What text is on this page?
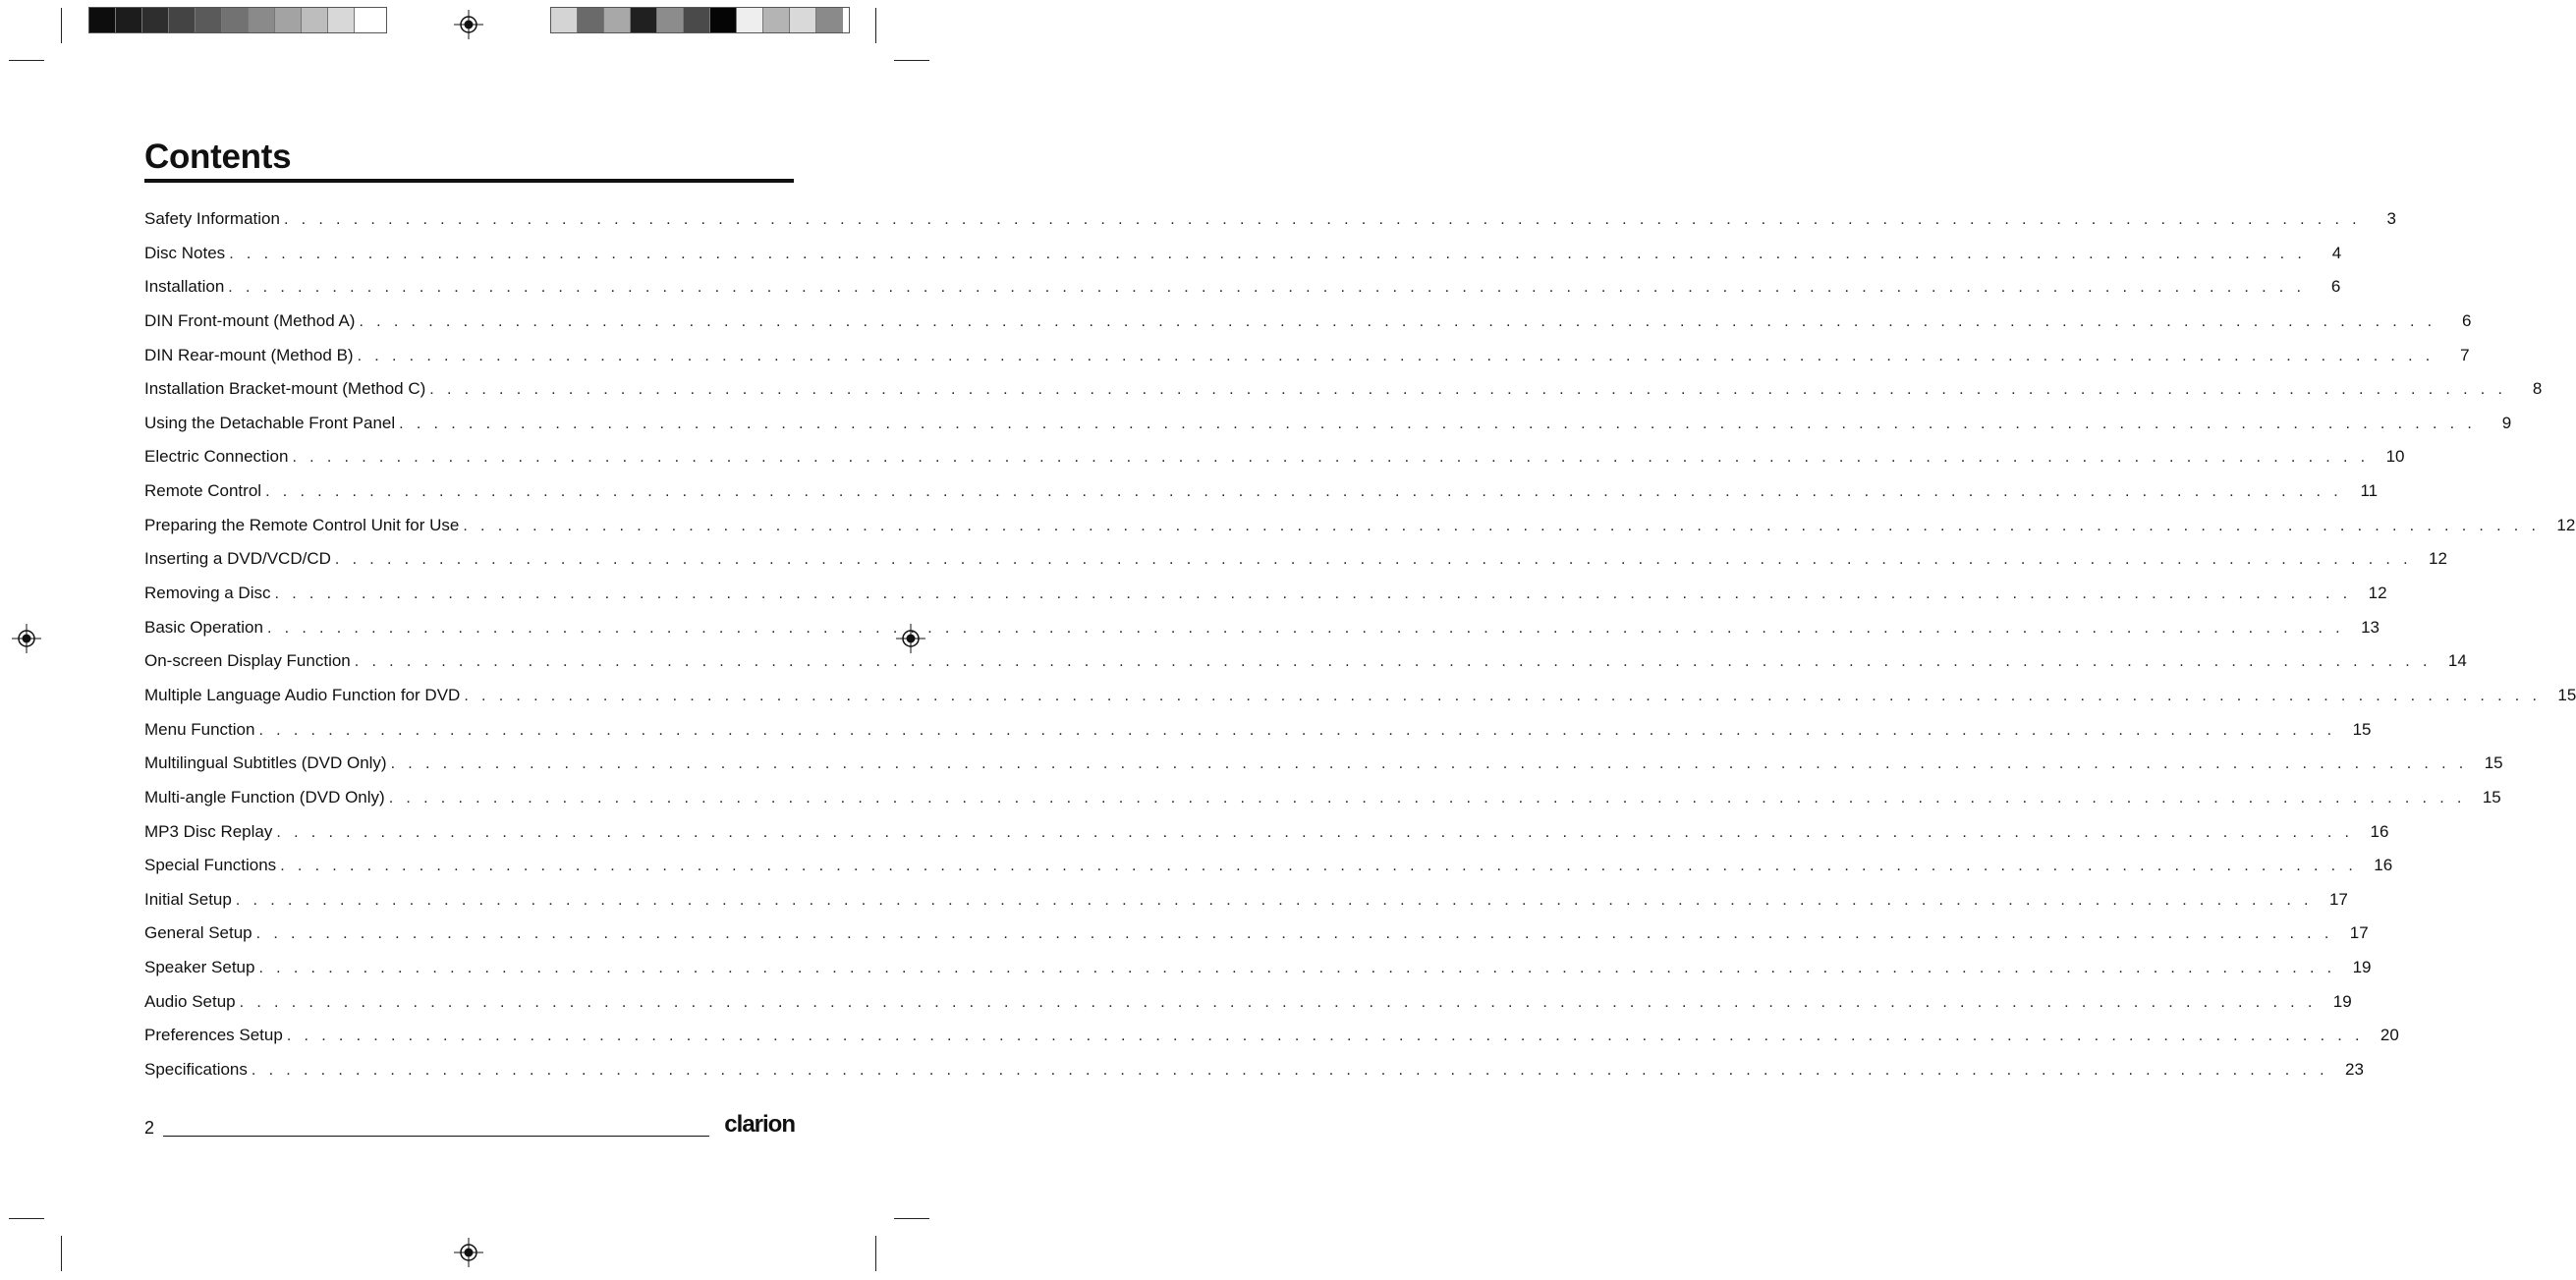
Contents
Safety Information . . . . . . . . . . . . . . . . . . . . . . . . . . . . . . . . . . . . . . . . . . . . . . . . . . . . . . . . . . . . . . . . . . . . . . . . . . . . . . . . . . . . . . . . . . . . . . . . . . . . . . . . . . . . . . . . . . . . . . . .	3
Disc Notes . . . . . . . . . . . . . . . . . . . . . . . . . . . . . . . . . . . . . . . . . . . . . . . . . . . . . . . . . . . . . . . . . . . . . . . . . . . . . . . . . . . . . . . . . . . . . . . . . . . . . . . . . . . . . . . . . . . . . . . .	4
Installation . . . . . . . . . . . . . . . . . . . . . . . . . . . . . . . . . . . . . . . . . . . . . . . . . . . . . . . . . . . . . . . . . . . . . . . . . . . . . . . . . . . . . . . . . . . . . . . . . . . . . . . . . . . . . . . . . . . . . . . .	6
DIN Front-mount (Method A) . . . . . . . . . . . . . . . . . . . . . . . . . . . . . . . . . . . . . . . . . . . . . . . . . . . . . . . . . . . . . . . . . . . . . . . . . . . . . . . . . . . . . . . . . . . . . . . . . . . . . . . . . . . . . . . . . . . . . . . .	6
DIN Rear-mount (Method B) . . . . . . . . . . . . . . . . . . . . . . . . . . . . . . . . . . . . . . . . . . . . . . . . . . . . . . . . . . . . . . . . . . . . . . . . . . . . . . . . . . . . . . . . . . . . . . . . . . . . . . . . . . . . . . . . . . . . . . . .	7
Installation Bracket-mount (Method C) . . . . . . . . . . . . . . . . . . . . . . . . . . . . . . . . . . . . . . . . . . . . . . . . . . . . . . . . . . . . . . . . . . . . . . . . . . . . . . . . . . . . . . . . . . . . . . . . . . . . . . . . . . . . . . . . . . . . . . . .	8
Using the Detachable Front Panel . . . . . . . . . . . . . . . . . . . . . . . . . . . . . . . . . . . . . . . . . . . . . . . . . . . . . . . . . . . . . . . . . . . . . . . . . . . . . . . . . . . . . . . . . . . . . . . . . . . . . . . . . . . . . . . . . . . . . . . .	9
Electric Connection . . . . . . . . . . . . . . . . . . . . . . . . . . . . . . . . . . . . . . . . . . . . . . . . . . . . . . . . . . . . . . . . . . . . . . . . . . . . . . . . . . . . . . . . . . . . . . . . . . . . . . . . . . . . . . . . . . . . . . . .	10
Remote Control . . . . . . . . . . . . . . . . . . . . . . . . . . . . . . . . . . . . . . . . . . . . . . . . . . . . . . . . . . . . . . . . . . . . . . . . . . . . . . . . . . . . . . . . . . . . . . . . . . . . . . . . . . . . . . . . . . . . . . . .	11
Preparing the Remote Control Unit for Use . . . . . . . . . . . . . . . . . . . . . . . . . . . . . . . . . . . . . . . . . . . . . . . . . . . . . . . . . . . . . . . . . . . . . . . . . . . . . . . . . . . . . . . . . . . . . . . . . . . . . . . . . . . . . . . . . . . . . . . .	12
Inserting a DVD/VCD/CD . . . . . . . . . . . . . . . . . . . . . . . . . . . . . . . . . . . . . . . . . . . . . . . . . . . . . . . . . . . . . . . . . . . . . . . . . . . . . . . . . . . . . . . . . . . . . . . . . . . . . . . . . . . . . . . . . . . . . . . .	12
Removing a Disc . . . . . . . . . . . . . . . . . . . . . . . . . . . . . . . . . . . . . . . . . . . . . . . . . . . . . . . . . . . . . . . . . . . . . . . . . . . . . . . . . . . . . . . . . . . . . . . . . . . . . . . . . . . . . . . . . . . . . . . .	12
Basic Operation . . . . . . . . . . . . . . . . . . . . . . . . . . . . . . . . . . . . . . . . . . . . . . . . . . . . . . . . . . . . . . . . . . . . . . . . . . . . . . . . . . . . . . . . . . . . . . . . . . . . . . . . . . . . . . . . . . . . . . . .	13
On-screen Display Function . . . . . . . . . . . . . . . . . . . . . . . . . . . . . . . . . . . . . . . . . . . . . . . . . . . . . . . . . . . . . . . . . . . . . . . . . . . . . . . . . . . . . . . . . . . . . . . . . . . . . . . . . . . . . . . . . . . . . . . .	14
Multiple Language Audio Function for DVD . . . . . . . . . . . . . . . . . . . . . . . . . . . . . . . . . . . . . . . . . . . . . . . . . . . . . . . . . . . . . . . . . . . . . . . . . . . . . . . . . . . . . . . . . . . . . . . . . . . . . . . . . . . . . . . . . . . . . . . .	15
Menu Function . . . . . . . . . . . . . . . . . . . . . . . . . . . . . . . . . . . . . . . . . . . . . . . . . . . . . . . . . . . . . . . . . . . . . . . . . . . . . . . . . . . . . . . . . . . . . . . . . . . . . . . . . . . . . . . . . . . . . . . .	15
Multilingual Subtitles (DVD Only) . . . . . . . . . . . . . . . . . . . . . . . . . . . . . . . . . . . . . . . . . . . . . . . . . . . . . . . . . . . . . . . . . . . . . . . . . . . . . . . . . . . . . . . . . . . . . . . . . . . . . . . . . . . . . . . . . . . . . . . .	15
Multi-angle Function (DVD Only) . . . . . . . . . . . . . . . . . . . . . . . . . . . . . . . . . . . . . . . . . . . . . . . . . . . . . . . . . . . . . . . . . . . . . . . . . . . . . . . . . . . . . . . . . . . . . . . . . . . . . . . . . . . . . . . . . . . . . . . .	15
MP3 Disc Replay . . . . . . . . . . . . . . . . . . . . . . . . . . . . . . . . . . . . . . . . . . . . . . . . . . . . . . . . . . . . . . . . . . . . . . . . . . . . . . . . . . . . . . . . . . . . . . . . . . . . . . . . . . . . . . . . . . . . . . . .	16
Special Functions . . . . . . . . . . . . . . . . . . . . . . . . . . . . . . . . . . . . . . . . . . . . . . . . . . . . . . . . . . . . . . . . . . . . . . . . . . . . . . . . . . . . . . . . . . . . . . . . . . . . . . . . . . . . . . . . . . . . . . . .	16
Initial Setup . . . . . . . . . . . . . . . . . . . . . . . . . . . . . . . . . . . . . . . . . . . . . . . . . . . . . . . . . . . . . . . . . . . . . . . . . . . . . . . . . . . . . . . . . . . . . . . . . . . . . . . . . . . . . . . . . . . . . . . .	17
General Setup . . . . . . . . . . . . . . . . . . . . . . . . . . . . . . . . . . . . . . . . . . . . . . . . . . . . . . . . . . . . . . . . . . . . . . . . . . . . . . . . . . . . . . . . . . . . . . . . . . . . . . . . . . . . . . . . . . . . . . . .	17
Speaker Setup . . . . . . . . . . . . . . . . . . . . . . . . . . . . . . . . . . . . . . . . . . . . . . . . . . . . . . . . . . . . . . . . . . . . . . . . . . . . . . . . . . . . . . . . . . . . . . . . . . . . . . . . . . . . . . . . . . . . . . . .	19
Audio Setup . . . . . . . . . . . . . . . . . . . . . . . . . . . . . . . . . . . . . . . . . . . . . . . . . . . . . . . . . . . . . . . . . . . . . . . . . . . . . . . . . . . . . . . . . . . . . . . . . . . . . . . . . . . . . . . . . . . . . . . .	19
Preferences Setup . . . . . . . . . . . . . . . . . . . . . . . . . . . . . . . . . . . . . . . . . . . . . . . . . . . . . . . . . . . . . . . . . . . . . . . . . . . . . . . . . . . . . . . . . . . . . . . . . . . . . . . . . . . . . . . . . . . . . . . .	20
Specifications . . . . . . . . . . . . . . . . . . . . . . . . . . . . . . . . . . . . . . . . . . . . . . . . . . . . . . . . . . . . . . . . . . . . . . . . . . . . . . . . . . . . . . . . . . . . . . . . . . . . . . . . . . . . . . . . . . . . . . . .	23
2	clarion
